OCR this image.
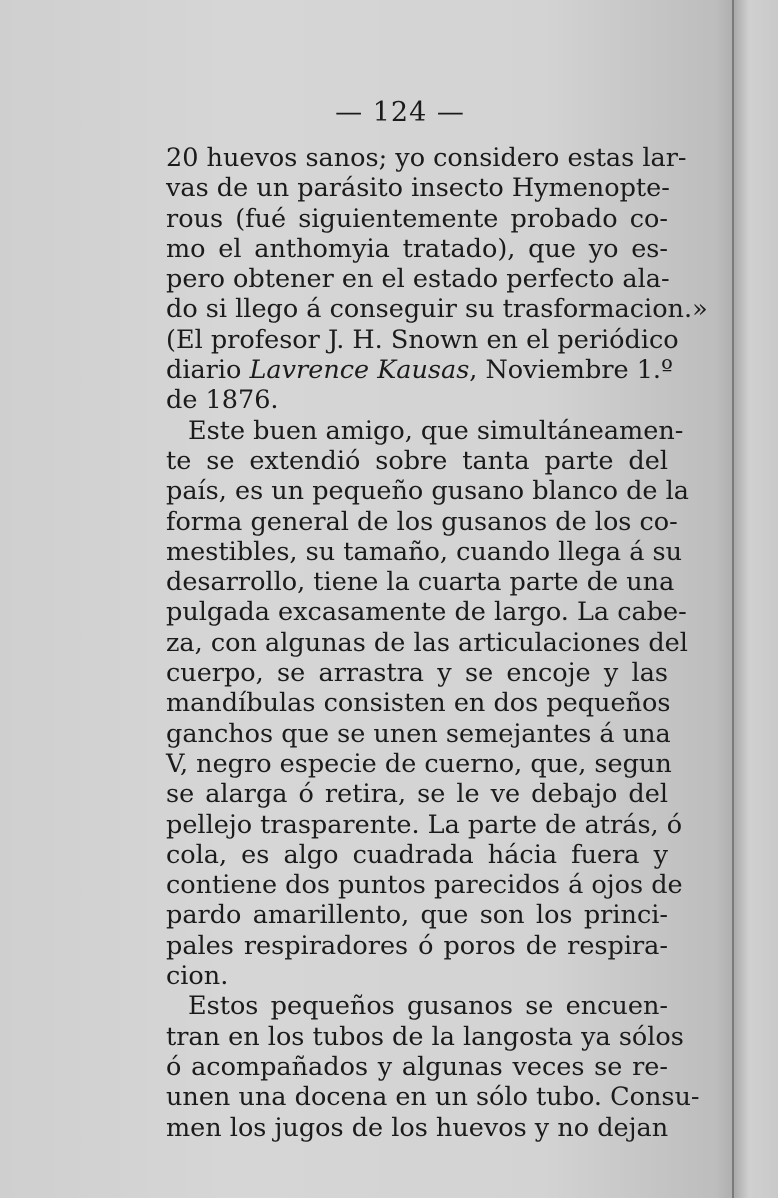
— 124 —
20 huevos sanos; yo considero estas lar-
vas de un parásito insecto Hymenopte-
rous (fué siguientemente probado co-
mo el anthomyia tratado), que yo es-
pero obtener en el estado perfecto ala-
do si llego á conseguir su trasformacion.»
(El profesor J. H. Snown en el periódico
diario Lavrence Kausas, Noviembre 1.º
de 1876.
Este buen amigo, que simultáneamen-
te se extendió sobre tanta parte del
país, es un pequeño gusano blanco de la
forma general de los gusanos de los co-
mestibles, su tamaño, cuando llega á su
desarrollo, tiene la cuarta parte de una
pulgada excasamente de largo. La cabe-
za, con algunas de las articulaciones del
cuerpo, se arrastra y se encoje y las
mandíbulas consisten en dos pequeños
ganchos que se unen semejantes á una
V, negro especie de cuerno, que, segun
se alarga ó retira, se le ve debajo del
pellejo trasparente. La parte de atrás, ó
cola, es algo cuadrada hácia fuera y
contiene dos puntos parecidos á ojos de
pardo amarillento, que son los princi-
pales respiradores ó poros de respira-
cion.
Estos pequeños gusanos se encuen-
tran en los tubos de la langosta ya sólos
ó acompañados y algunas veces se re-
unen una docena en un sólo tubo. Consu-
men los jugos de los huevos y no dejan
